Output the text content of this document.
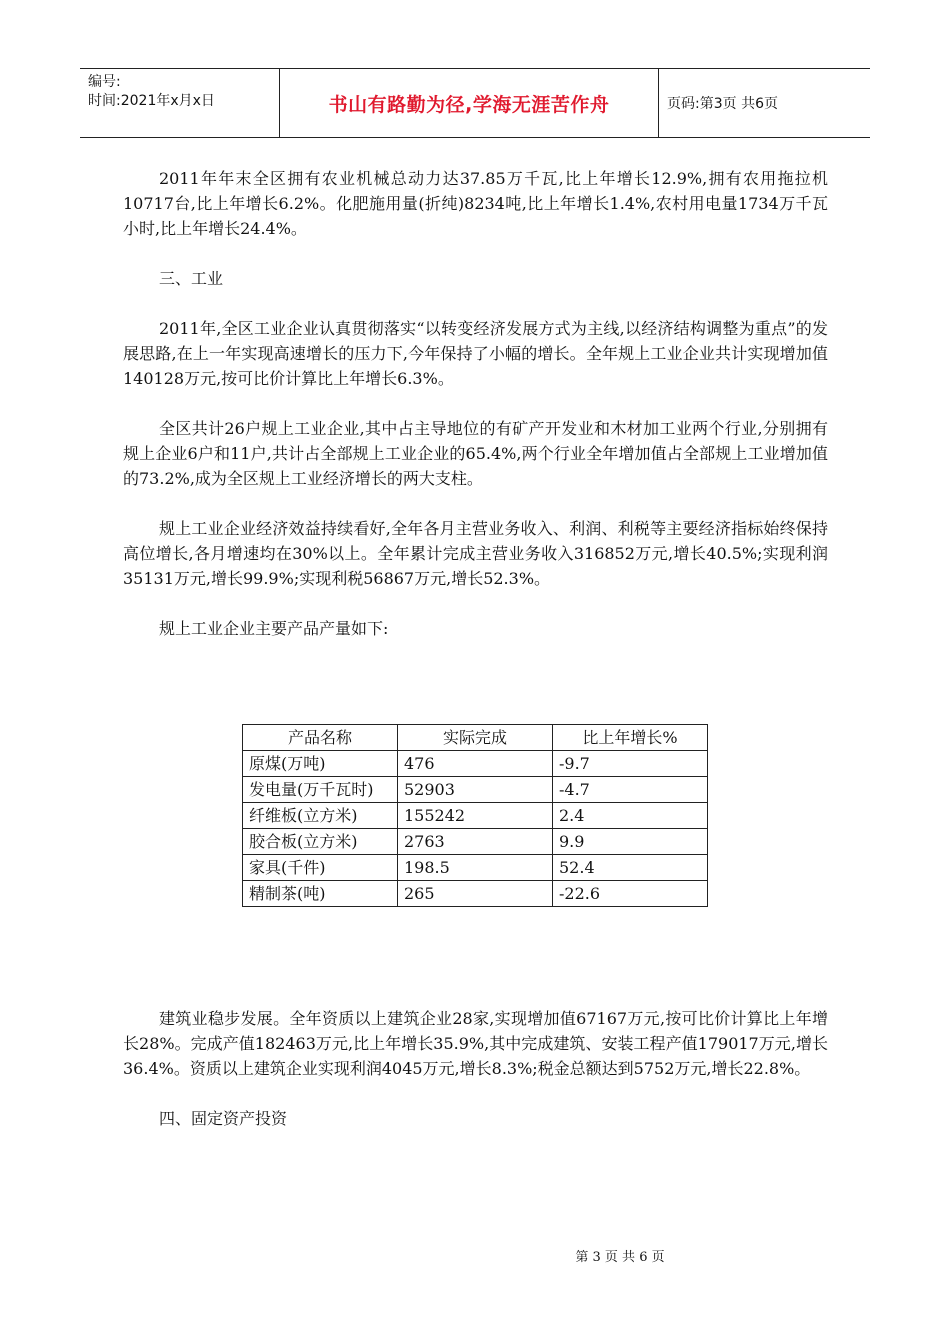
编号:
时间:2021年x月x日	书山有路勤为径,学海无涯苦作舟	页码:第3页 共6页

2011年年末全区拥有农业机械总动力达37.85万千瓦,比上年增长12.9%,拥有农用拖拉机10717台,比上年增长6.2%。化肥施用量(折纯)8234吨,比上年增长1.4%,农村用电量1734万千瓦小时,比上年增长24.4%。

三、工业

2011年,全区工业企业认真贯彻落实“以转变经济发展方式为主线,以经济结构调整为重点”的发展思路,在上一年实现高速增长的压力下,今年保持了小幅的增长。全年规上工业企业共计实现增加值140128万元,按可比价计算比上年增长6.3%。

全区共计26户规上工业企业,其中占主导地位的有矿产开发业和木材加工业两个行业,分别拥有规上企业6户和11户,共计占全部规上工业企业的65.4%,两个行业全年增加值占全部规上工业增加值的73.2%,成为全区规上工业经济增长的两大支柱。

规上工业企业经济效益持续看好,全年各月主营业务收入、利润、利税等主要经济指标始终保持高位增长,各月增速均在30%以上。全年累计完成主营业务收入316852万元,增长40.5%;实现利润35131万元,增长99.9%;实现利税56867万元,增长52.3%。

规上工业企业主要产品产量如下:

产品名称	实际完成	比上年增长%
原煤(万吨)	476	-9.7
发电量(万千瓦时)	52903	-4.7
纤维板(立方米)	155242	2.4
胶合板(立方米)	2763	9.9
家具(千件)	198.5	52.4
精制茶(吨)	265	-22.6

建筑业稳步发展。全年资质以上建筑企业28家,实现增加值67167万元,按可比价计算比上年增长28%。完成产值182463万元,比上年增长35.9%,其中完成建筑、安装工程产值179017万元,增长36.4%。资质以上建筑企业实现利润4045万元,增长8.3%;税金总额达到5752万元,增长22.8%。

四、固定资产投资

第 3 页 共 6 页
